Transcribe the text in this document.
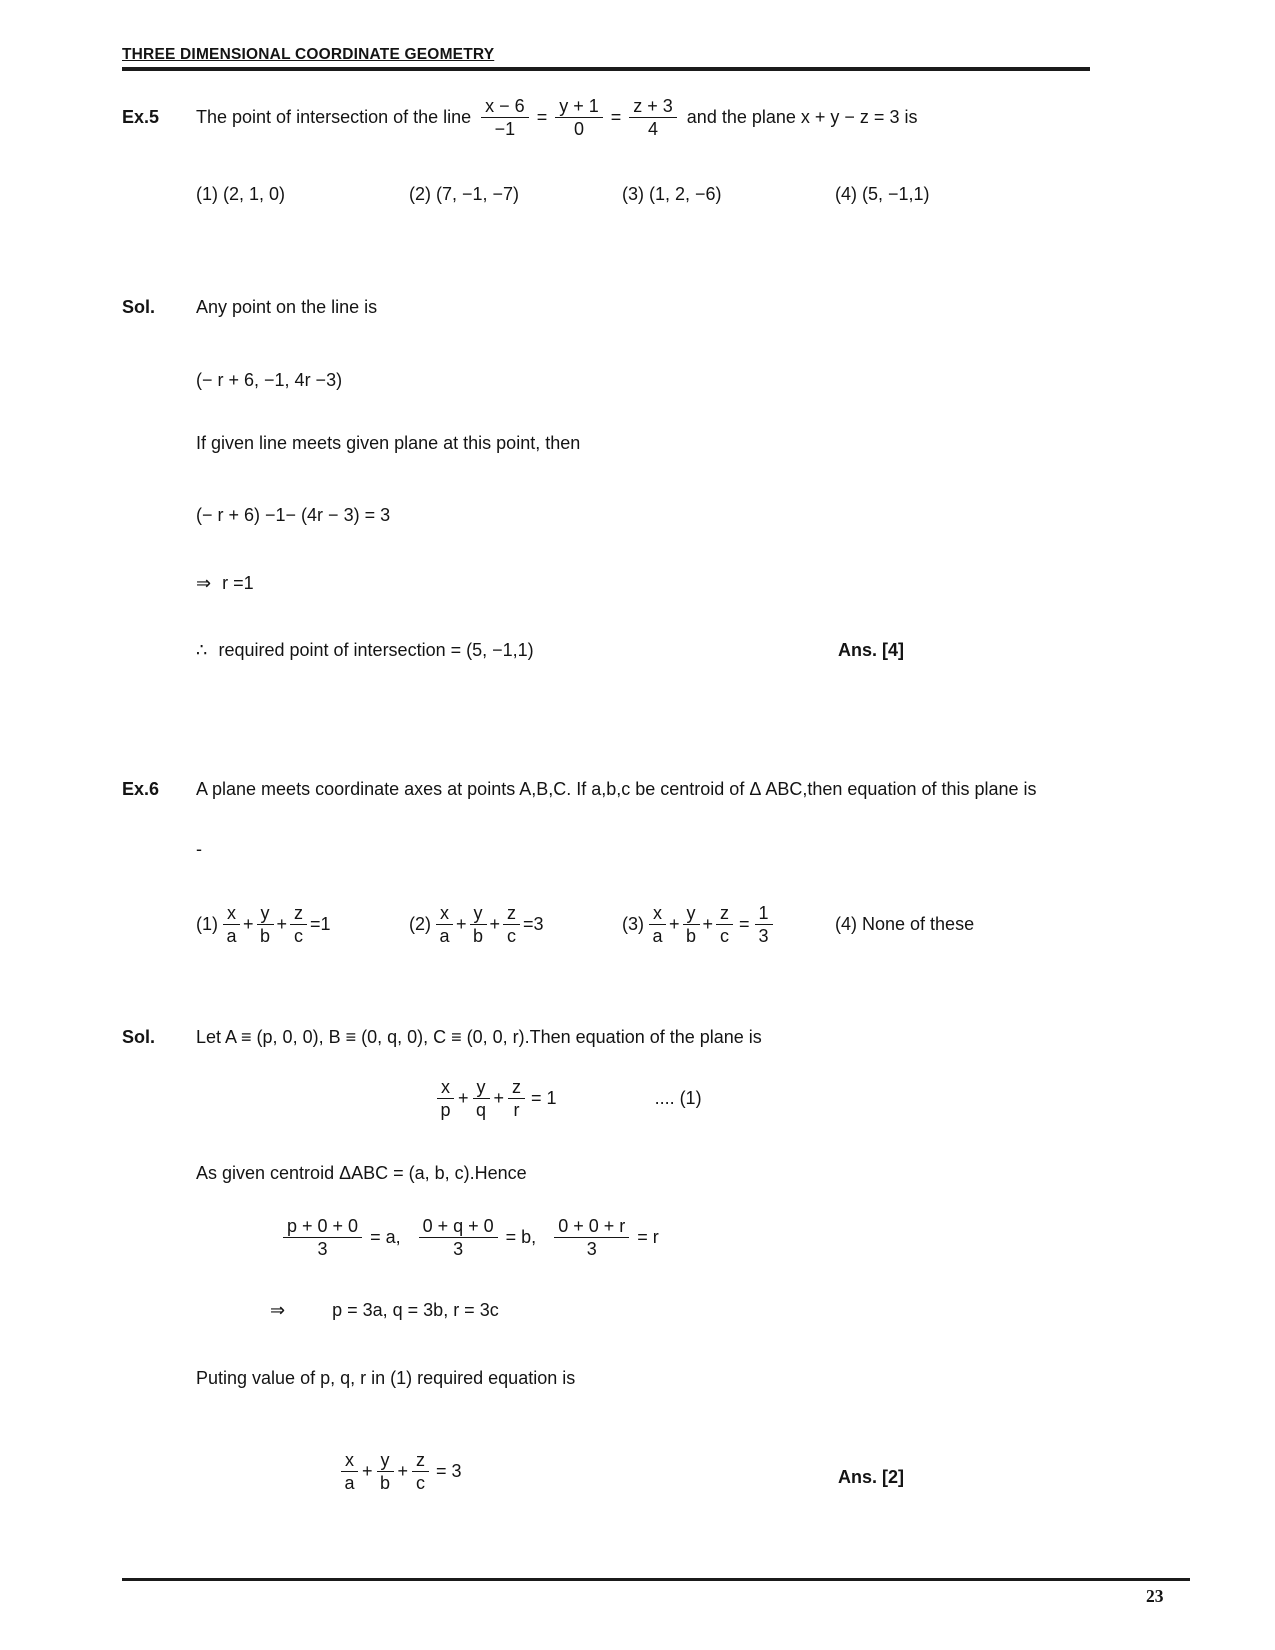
THREE DIMENSIONAL COORDINATE GEOMETRY
Ex.5	The point of intersection of the line $\frac{x - 6}{-1} = \frac{y + 1}{0} = \frac{z + 3}{4}$ and the plane x + y − z = 3 is
(1) (2, 1, 0)	(2) (7, −1, −7)	(3) (1, 2, −6)	(4) (5, −1,1)
Sol. Any point on the line is
(− r + 6, −1, 4r −3)
If given line meets given plane at this point, then
(− r + 6) −1− (4r − 3) = 3
⇒ r =1
∴ required point of intersection = (5, −1,1)	Ans. [4]
Ex.6	A plane meets coordinate axes at points A,B,C. If a,b,c be centroid of Δ ABC,then equation of this plane is
-
$(1) \frac{x}{a} + \frac{y}{b} + \frac{z}{c} =1$	$(2) \frac{x}{a} + \frac{y}{b} + \frac{z}{c} =3$	$(3) \frac{x}{a} + \frac{y}{b} + \frac{z}{c} = \frac{1}{3}$	(4) None of these
Sol. Let A ≡ (p, 0, 0), B ≡ (0, q, 0), C ≡ (0, 0, r).Then equation of the plane is
$\frac{x}{p} + \frac{y}{q} + \frac{z}{r} = 1$	.... (1)
As given centroid ΔABC = (a, b, c).Hence
$\frac{p + 0 + 0}{3} = a$, $\frac{0 + q + 0}{3} = b$, $\frac{0 + 0 + r}{3} = r$
⇒	p = 3a, q = 3b, r = 3c
Puting value of p, q, r in (1) required equation is
$\frac{x}{a} + \frac{y}{b} + \frac{z}{c} = 3$	Ans. [2]
23
